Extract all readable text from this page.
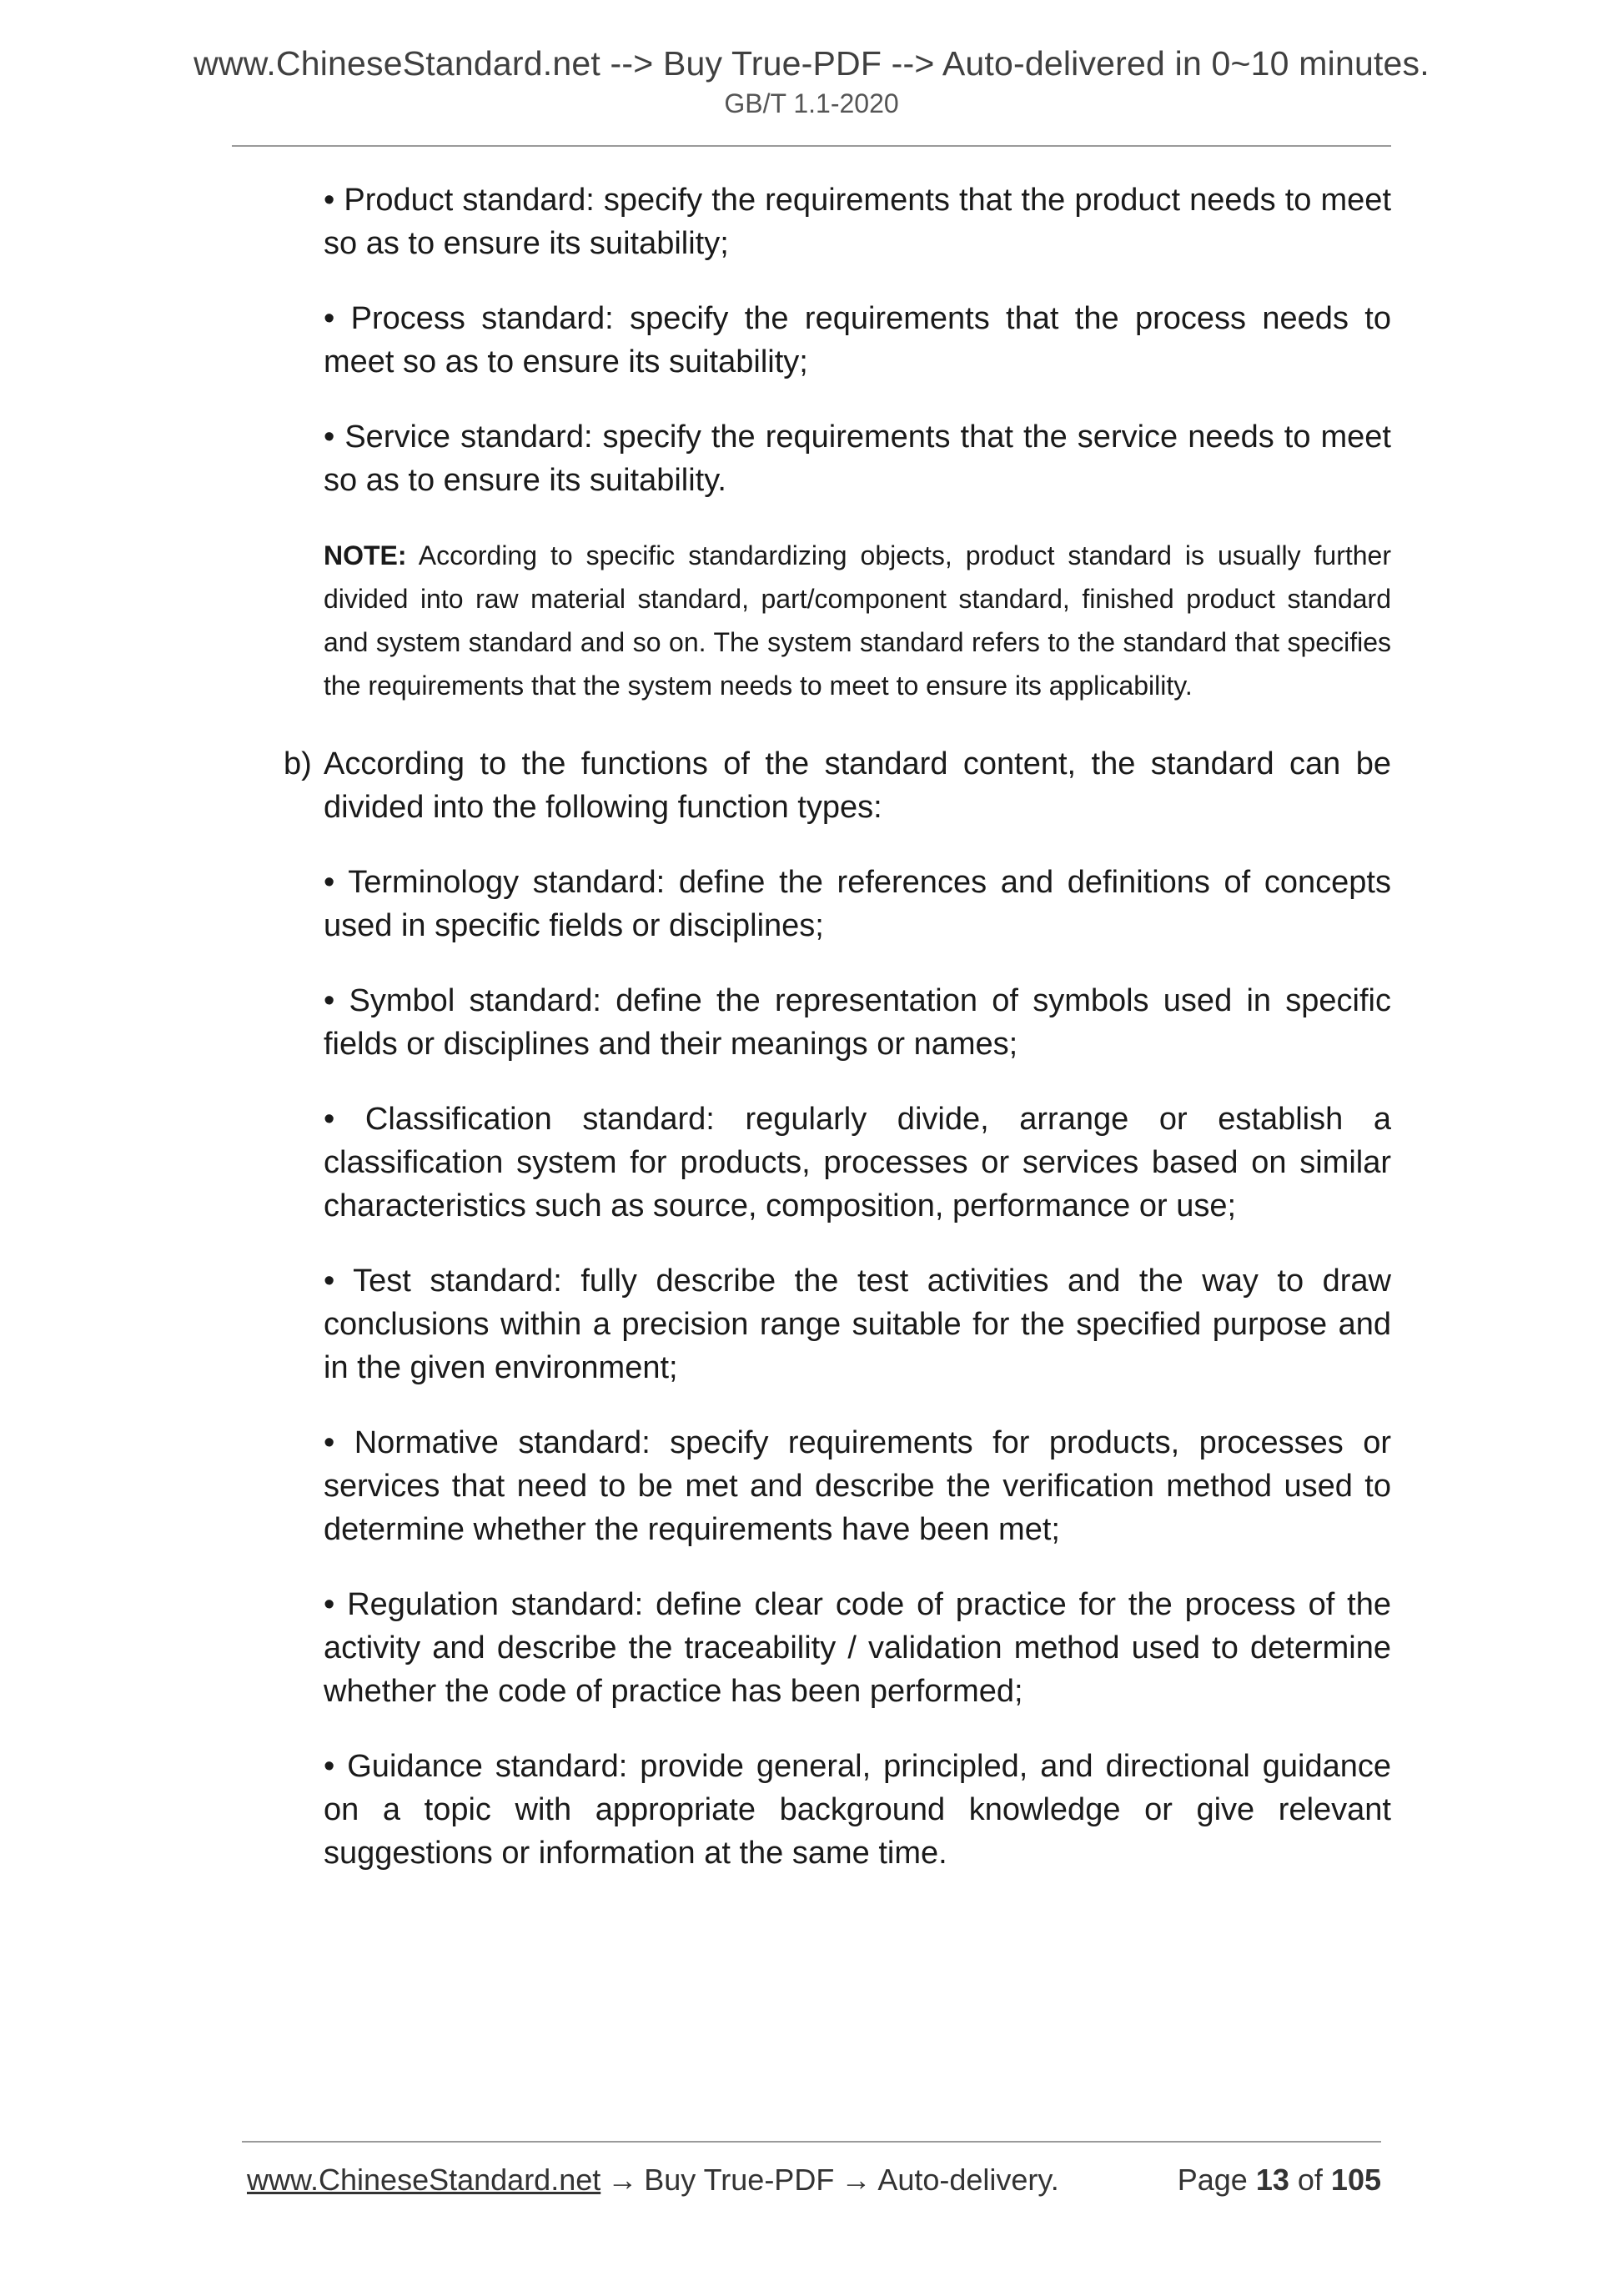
www.ChineseStandard.net --> Buy True-PDF --> Auto-delivered in 0~10 minutes.
GB/T 1.1-2020

• Product standard: specify the requirements that the product needs to meet so as to ensure its suitability;

• Process standard: specify the requirements that the process needs to meet so as to ensure its suitability;

• Service standard: specify the requirements that the service needs to meet so as to ensure its suitability.

NOTE: According to specific standardizing objects, product standard is usually further divided into raw material standard, part/component standard, finished product standard and system standard and so on. The system standard refers to the standard that specifies the requirements that the system needs to meet to ensure its applicability.

b) According to the functions of the standard content, the standard can be divided into the following function types:

• Terminology standard: define the references and definitions of concepts used in specific fields or disciplines;

• Symbol standard: define the representation of symbols used in specific fields or disciplines and their meanings or names;

• Classification standard: regularly divide, arrange or establish a classification system for products, processes or services based on similar characteristics such as source, composition, performance or use;

• Test standard: fully describe the test activities and the way to draw conclusions within a precision range suitable for the specified purpose and in the given environment;

• Normative standard: specify requirements for products, processes or services that need to be met and describe the verification method used to determine whether the requirements have been met;

• Regulation standard: define clear code of practice for the process of the activity and describe the traceability / validation method used to determine whether the code of practice has been performed;

• Guidance standard: provide general, principled, and directional guidance on a topic with appropriate background knowledge or give relevant suggestions or information at the same time.

www.ChineseStandard.net → Buy True-PDF → Auto-delivery.	Page 13 of 105
